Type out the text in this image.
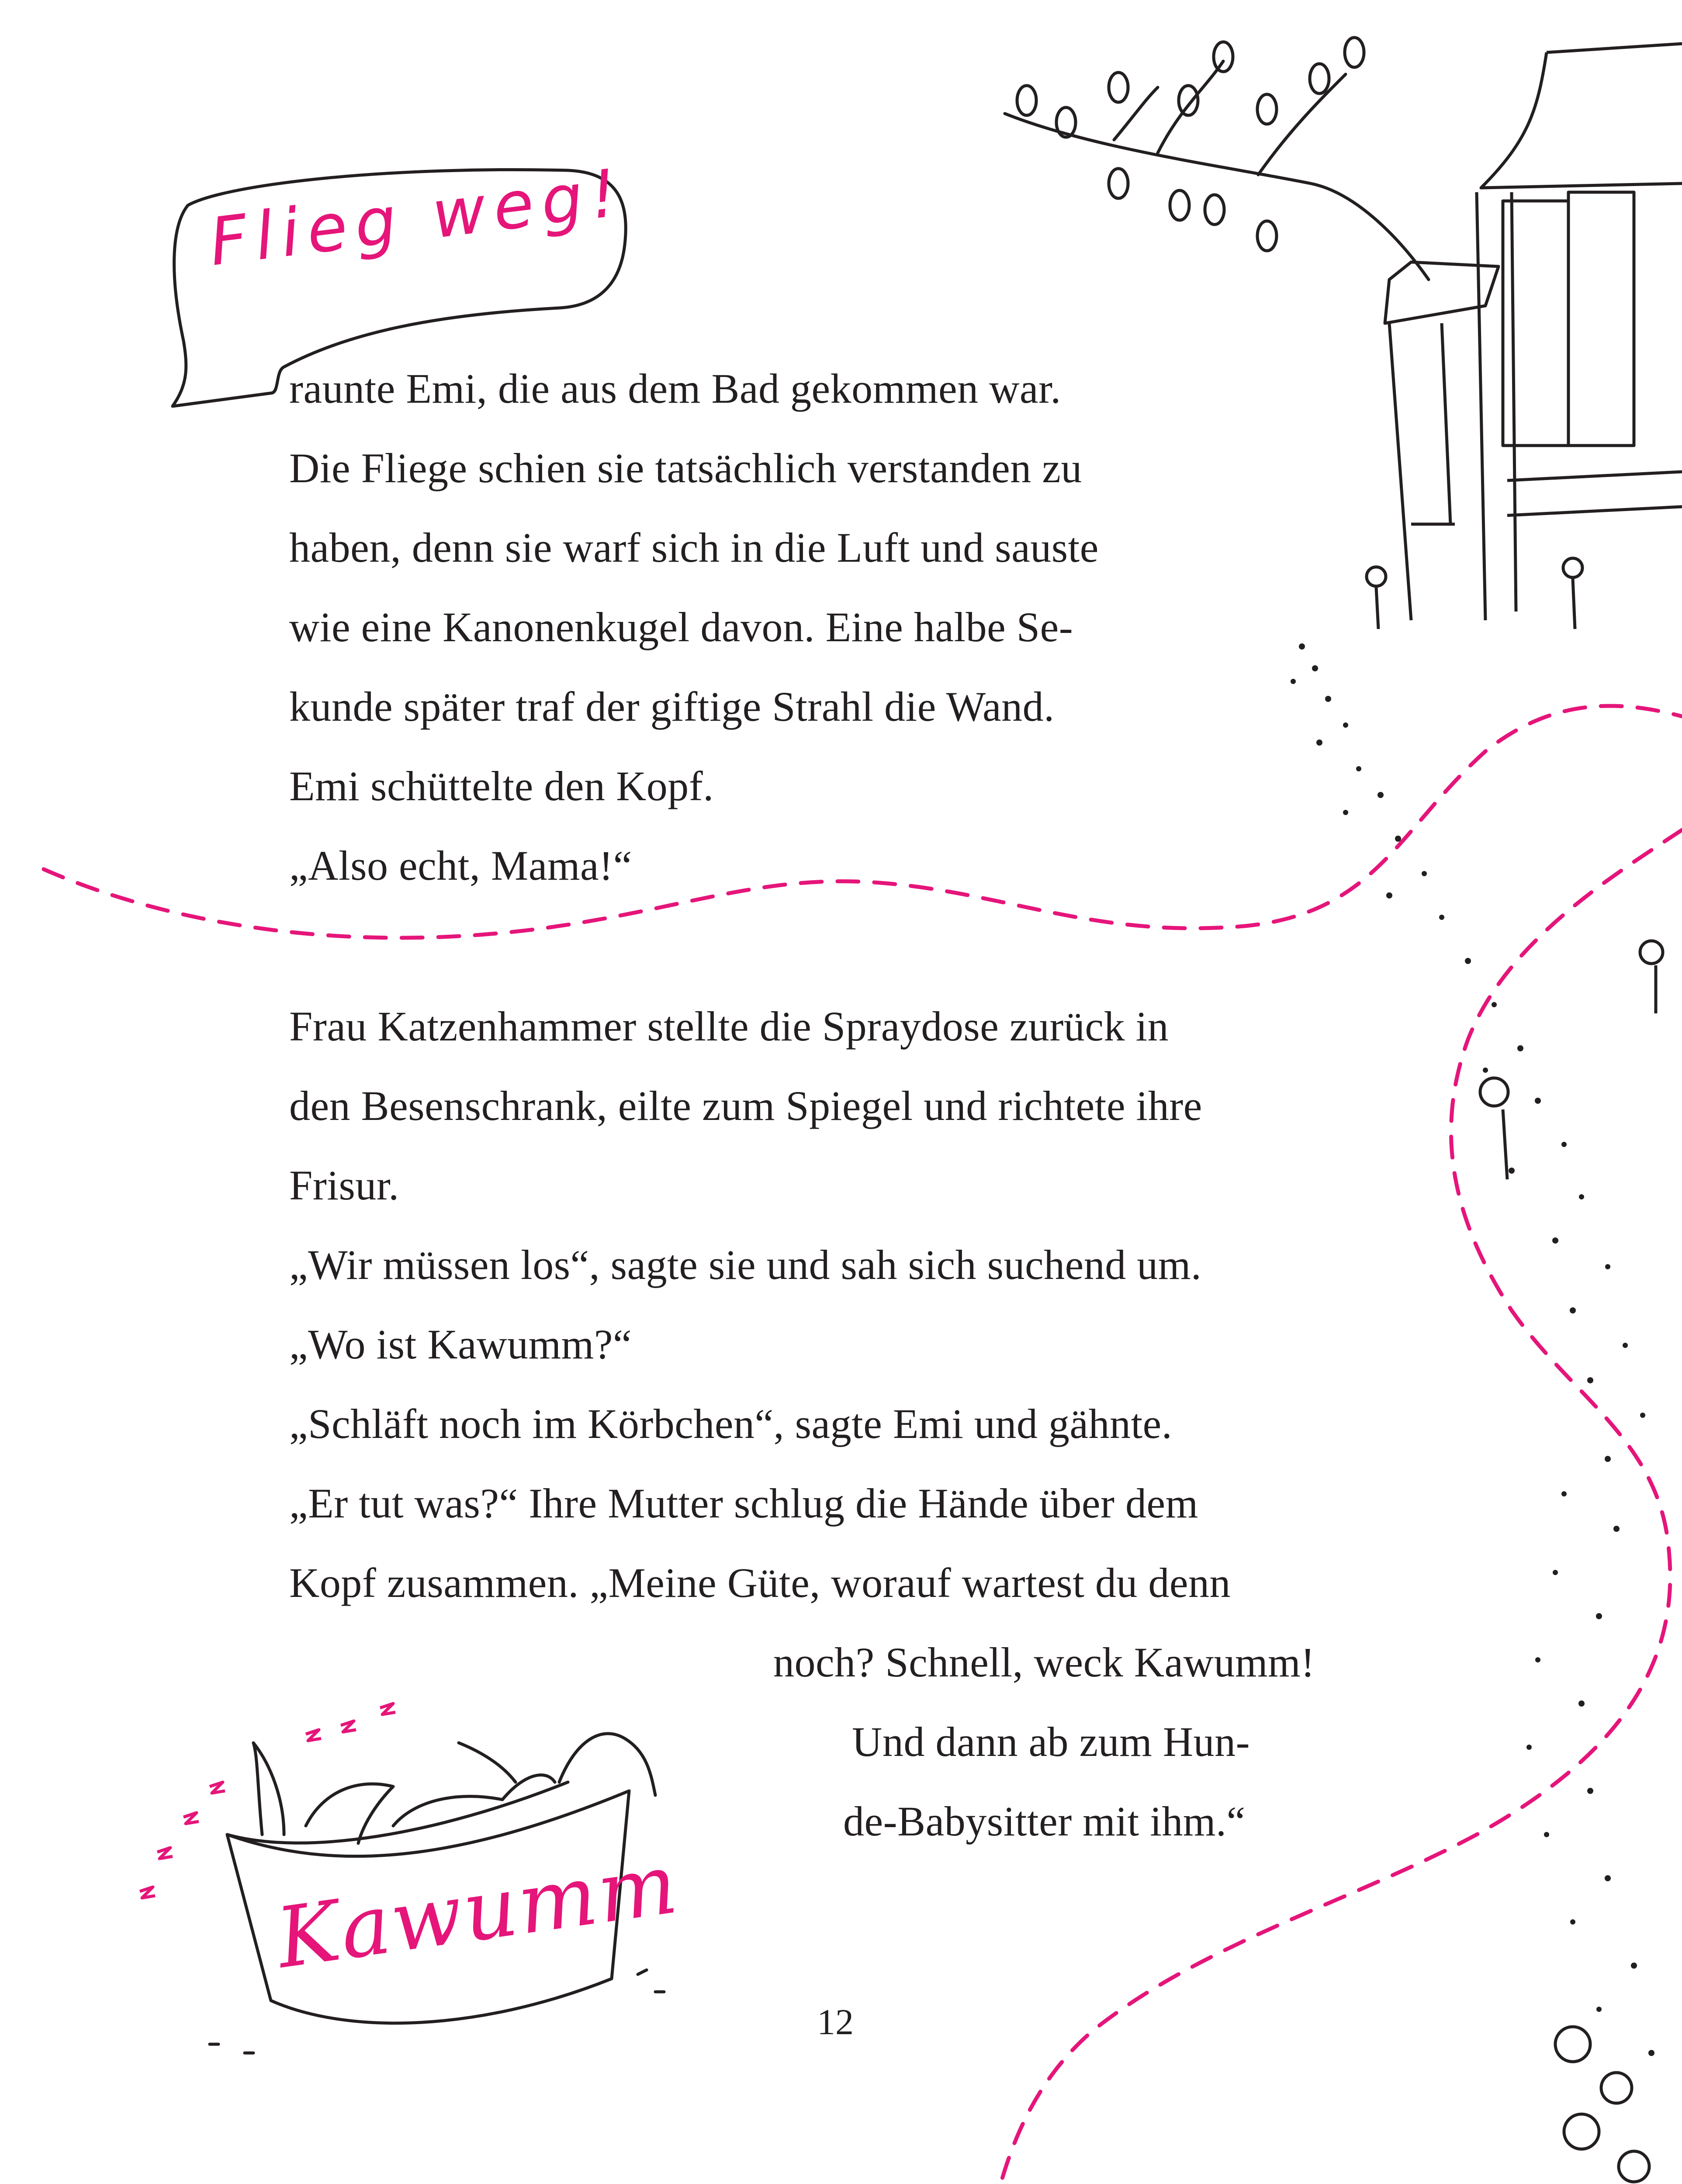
Flieg weg!
raunte Emi, die aus dem Bad gekommen war.
Die Fliege schien sie tatsächlich verstanden zu
haben, denn sie warf sich in die Luft und sauste
wie eine Kanonenkugel davon. Eine halbe Se-
kunde später traf der giftige Strahl die Wand.
Emi schüttelte den Kopf.
„Also echt, Mama!“
Frau Katzenhammer stellte die Spraydose zurück in
den Besenschrank, eilte zum Spiegel und richtete ihre
Frisur.
„Wir müssen los“, sagte sie und sah sich suchend um.
„Wo ist Kawumm?“
„Schläft noch im Körbchen“, sagte Emi und gähnte.
„Er tut was?“ Ihre Mutter schlug die Hände über dem
Kopf zusammen. „Meine Güte, worauf wartest du denn
noch? Schnell, weck Kawumm!
Und dann ab zum Hun-
de-Babysitter mit ihm.“
Kawumm
12
